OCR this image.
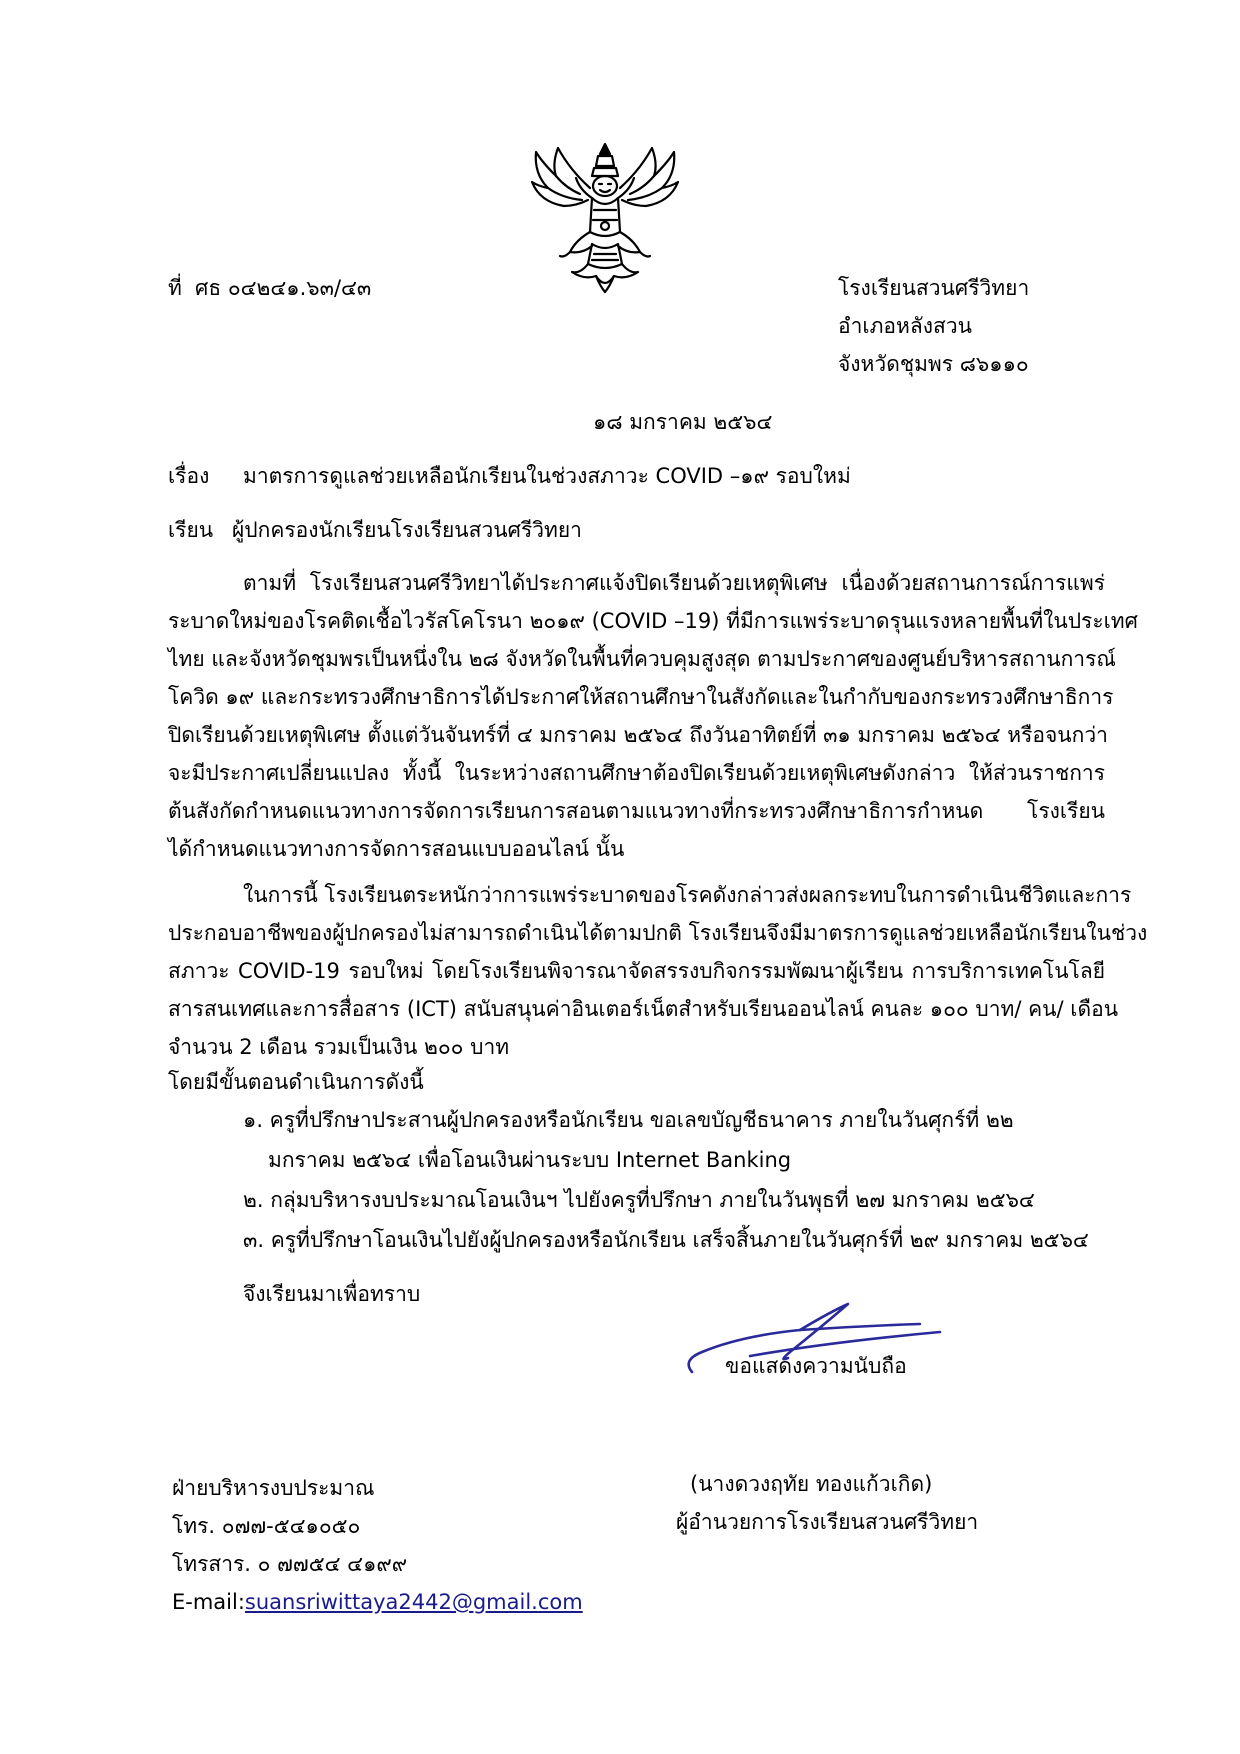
ที่ ศธ ๐๔๒๔๑.๖๓/๔๓	โรงเรียนสวนศรีวิทยา
อำเภอหลังสวน
จังหวัดชุมพร ๘๖๑๑๐
๑๘ มกราคม ๒๕๖๔
เรื่อง มาตรการดูแลช่วยเหลือนักเรียนในช่วงสภาวะ COVID –๑๙ รอบใหม่
เรียน ผู้ปกครองนักเรียนโรงเรียนสวนศรีวิทยา
ตามที่ โรงเรียนสวนศรีวิทยาได้ประกาศแจ้งปิดเรียนด้วยเหตุพิเศษ เนื่องด้วยสถานการณ์การแพร่
ระบาดใหม่ของโรคติดเชื้อไวรัสโคโรนา ๒๐๑๙ (COVID –19) ที่มีการแพร่ระบาดรุนแรงหลายพื้นที่ในประเทศ
ไทย และจังหวัดชุมพรเป็นหนึ่งใน ๒๘ จังหวัดในพื้นที่ควบคุมสูงสุด ตามประกาศของศูนย์บริหารสถานการณ์
โควิด ๑๙ และกระทรวงศึกษาธิการได้ประกาศให้สถานศึกษาในสังกัดและในกำกับของกระทรวงศึกษาธิการ
ปิดเรียนด้วยเหตุพิเศษ ตั้งแต่วันจันทร์ที่ ๔ มกราคม ๒๕๖๔ ถึงวันอาทิตย์ที่ ๓๑ มกราคม ๒๕๖๔ หรือจนกว่า
จะมีประกาศเปลี่ยนแปลง ทั้งนี้ ในระหว่างสถานศึกษาต้องปิดเรียนด้วยเหตุพิเศษดังกล่าว ให้ส่วนราชการ
ต้นสังกัดกำหนดแนวทางการจัดการเรียนการสอนตามแนวทางที่กระทรวงศึกษาธิการกำหนด โรงเรียน
ได้กำหนดแนวทางการจัดการสอนแบบออนไลน์ นั้น
ในการนี้ โรงเรียนตระหนักว่าการแพร่ระบาดของโรคดังกล่าวส่งผลกระทบในการดำเนินชีวิตและการ
ประกอบอาชีพของผู้ปกครองไม่สามารถดำเนินได้ตามปกติ โรงเรียนจึงมีมาตรการดูแลช่วยเหลือนักเรียนในช่วง
สภาวะ COVID-19 รอบใหม่ โดยโรงเรียนพิจารณาจัดสรรงบกิจกรรมพัฒนาผู้เรียน การบริการเทคโนโลยี
สารสนเทศและการสื่อสาร (ICT) สนับสนุนค่าอินเตอร์เน็ตสำหรับเรียนออนไลน์ คนละ ๑๐๐ บาท/ คน/ เดือน
จำนวน 2 เดือน รวมเป็นเงิน ๒๐๐ บาท
โดยมีขั้นตอนดำเนินการดังนี้
๑. ครูที่ปรึกษาประสานผู้ปกครองหรือนักเรียน ขอเลขบัญชีธนาคาร ภายในวันศุกร์ที่ ๒๒
มกราคม ๒๕๖๔ เพื่อโอนเงินผ่านระบบ Internet Banking
๒. กลุ่มบริหารงบประมาณโอนเงินฯ ไปยังครูที่ปรึกษา ภายในวันพุธที่ ๒๗ มกราคม ๒๕๖๔
๓. ครูที่ปรึกษาโอนเงินไปยังผู้ปกครองหรือนักเรียน เสร็จสิ้นภายในวันศุกร์ที่ ๒๙ มกราคม ๒๕๖๔
จึงเรียนมาเพื่อทราบ
ขอแสดงความนับถือ
(นางดวงฤทัย ทองแก้วเกิด)
ผู้อำนวยการโรงเรียนสวนศรีวิทยา
ฝ่ายบริหารงบประมาณ
โทร. ๐๗๗-๕๔๑๐๕๐
โทรสาร. ๐ ๗๗๕๔ ๔๑๙๙
E-mail:suansriwittaya2442@gmail.com
